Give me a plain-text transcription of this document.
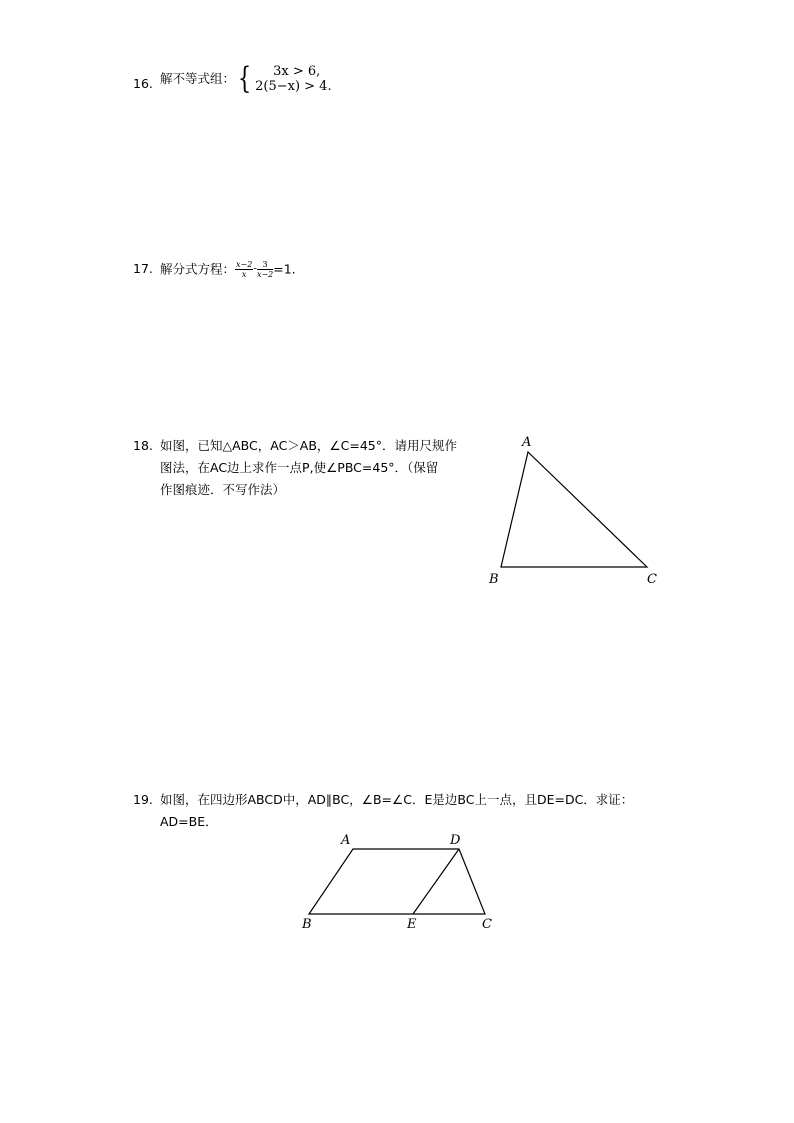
16. 解不等式组：{	3x > 6,
2(5−x) > 4.
17. 解分式方程： $\frac{x-2}{x} - \frac{3}{x-2} =1$.
18. 如图，已知△ABC，AC＞AB，∠C=45°．请用尺规作
图法，在AC边上求作一点P,使∠PBC=45°．（保留
作图痕迹．不写作法）
A
B	C
19. 如图，在四边形ABCD中，AD∥BC，∠B=∠C．E是边BC上一点，且DE=DC．求证：
AD=BE．
A	D
B	E	C
